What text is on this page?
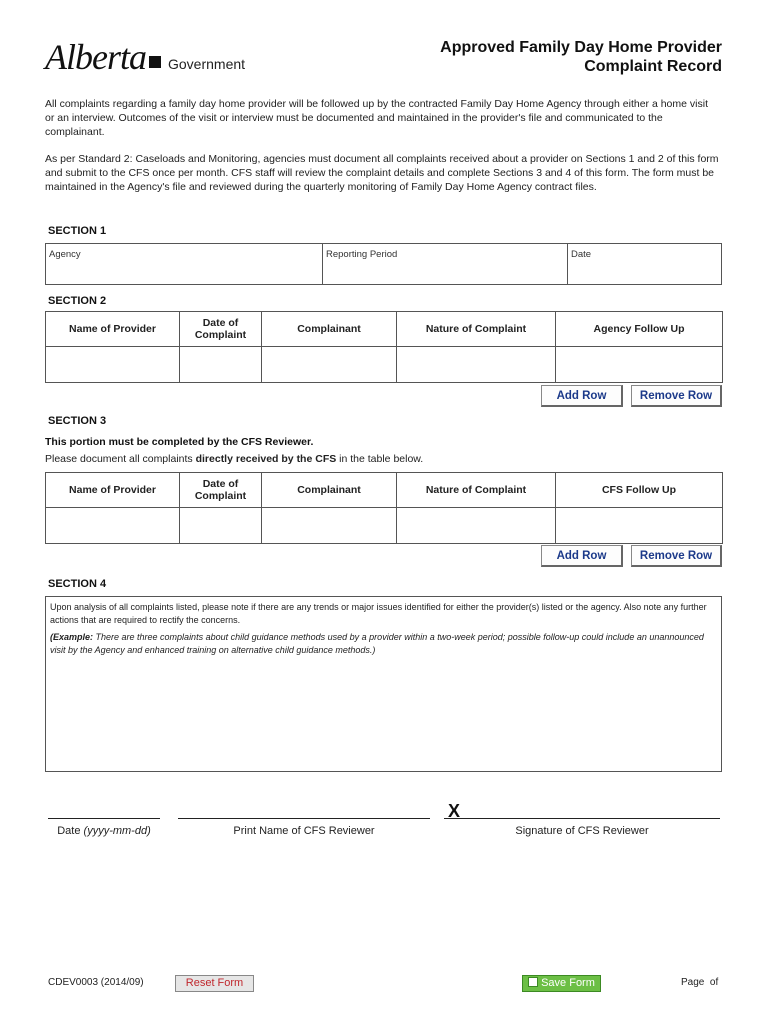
Alberta Government
Approved Family Day Home Provider
Complaint Record
All complaints regarding a family day home provider will be followed up by the contracted Family Day Home Agency through either a home visit or an interview. Outcomes of the visit or interview must be documented and maintained in the provider's file and communicated to the complainant.
As per Standard 2: Caseloads and Monitoring, agencies must document all complaints received about a provider on Sections 1 and 2 of this form and submit to the CFS once per month. CFS staff will review the complaint details and complete Sections 3 and 4 of this form. The form must be maintained in the Agency's file and reviewed during the quarterly monitoring of Family Day Home Agency contract files.
SECTION 1
Agency	Reporting Period	Date
SECTION 2
Name of Provider	Date of Complaint	Complainant	Nature of Complaint	Agency Follow Up

Add Row	Remove Row
SECTION 3
This portion must be completed by the CFS Reviewer.
Please document all complaints directly received by the CFS in the table below.
Name of Provider	Date of Complaint	Complainant	Nature of Complaint	CFS Follow Up

Add Row	Remove Row
SECTION 4
Upon analysis of all complaints listed, please note if there are any trends or major issues identified for either the provider(s) listed or the agency. Also note any further actions that are required to rectify the concerns.
(Example: There are three complaints about child guidance methods used by a provider within a two-week period; possible follow-up could include an unannounced visit by the Agency and enhanced training on alternative child guidance methods.)
X
Date (yyyy-mm-dd)	Print Name of CFS Reviewer	Signature of CFS Reviewer
CDEV0003 (2014/09)	Reset Form	Save Form	Page  of
